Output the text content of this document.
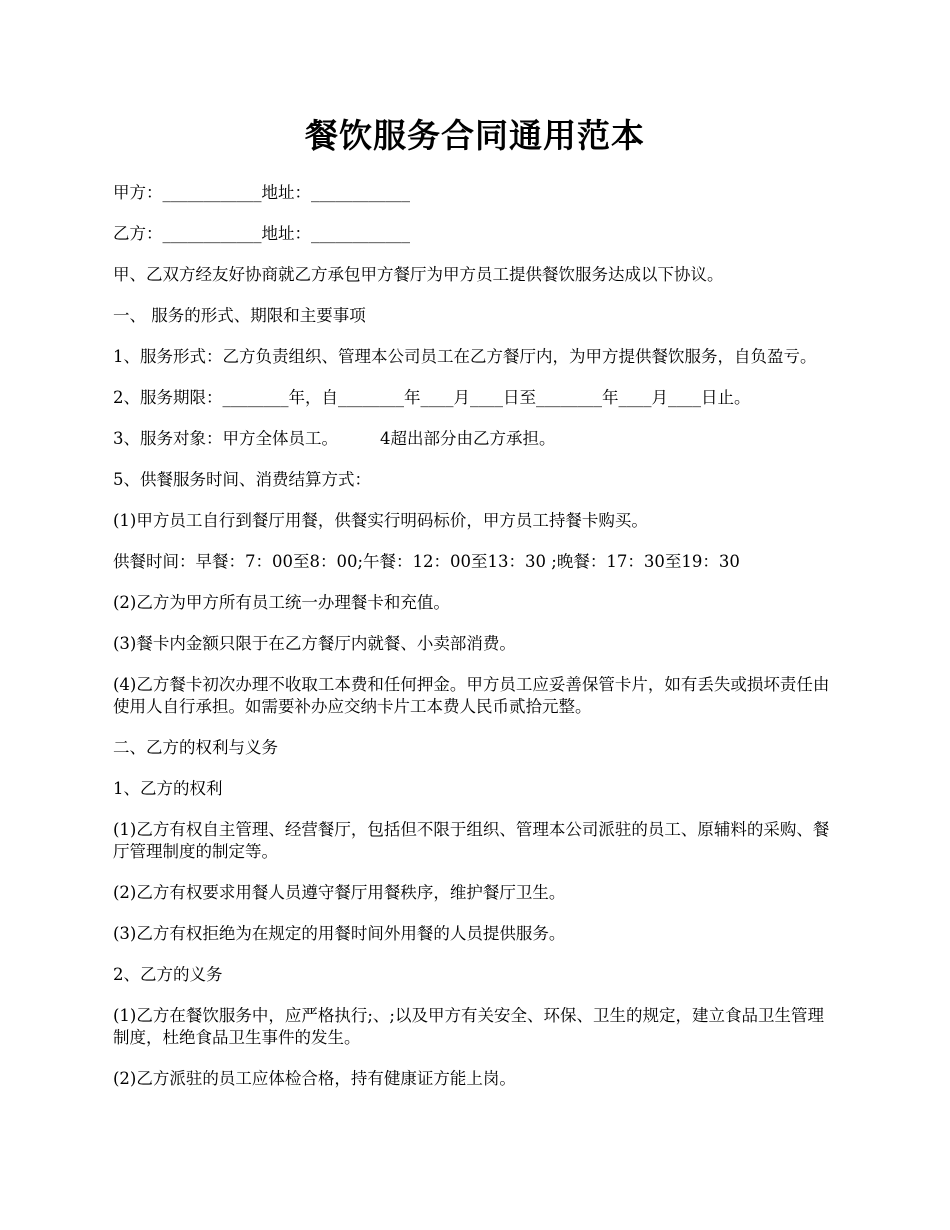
餐饮服务合同通用范本

甲方：____________地址：____________

乙方：____________地址：____________

甲、乙双方经友好协商就乙方承包甲方餐厅为甲方员工提供餐饮服务达成以下协议。

一、 服务的形式、期限和主要事项

1、服务形式：乙方负责组织、管理本公司员工在乙方餐厅内，为甲方提供餐饮服务，自负盈亏。

2、服务期限：________年，自________年____月____日至________年____月____日止。

3、服务对象：甲方全体员工。        4超出部分由乙方承担。

5、供餐服务时间、消费结算方式：

(1)甲方员工自行到餐厅用餐，供餐实行明码标价，甲方员工持餐卡购买。

供餐时间：早餐：7：00至8：00;午餐：12：00至13：30 ;晚餐：17：30至19：30

(2)乙方为甲方所有员工统一办理餐卡和充值。

(3)餐卡内金额只限于在乙方餐厅内就餐、小卖部消费。

(4)乙方餐卡初次办理不收取工本费和任何押金。甲方员工应妥善保管卡片，如有丢失或损坏责任由使用人自行承担。如需要补办应交纳卡片工本费人民币贰拾元整。

二、乙方的权利与义务

1、乙方的权利

(1)乙方有权自主管理、经营餐厅，包括但不限于组织、管理本公司派驻的员工、原辅料的采购、餐厅管理制度的制定等。

(2)乙方有权要求用餐人员遵守餐厅用餐秩序，维护餐厅卫生。

(3)乙方有权拒绝为在规定的用餐时间外用餐的人员提供服务。

2、乙方的义务

(1)乙方在餐饮服务中，应严格执行;、;以及甲方有关安全、环保、卫生的规定，建立食品卫生管理制度，杜绝食品卫生事件的发生。

(2)乙方派驻的员工应体检合格，持有健康证方能上岗。
